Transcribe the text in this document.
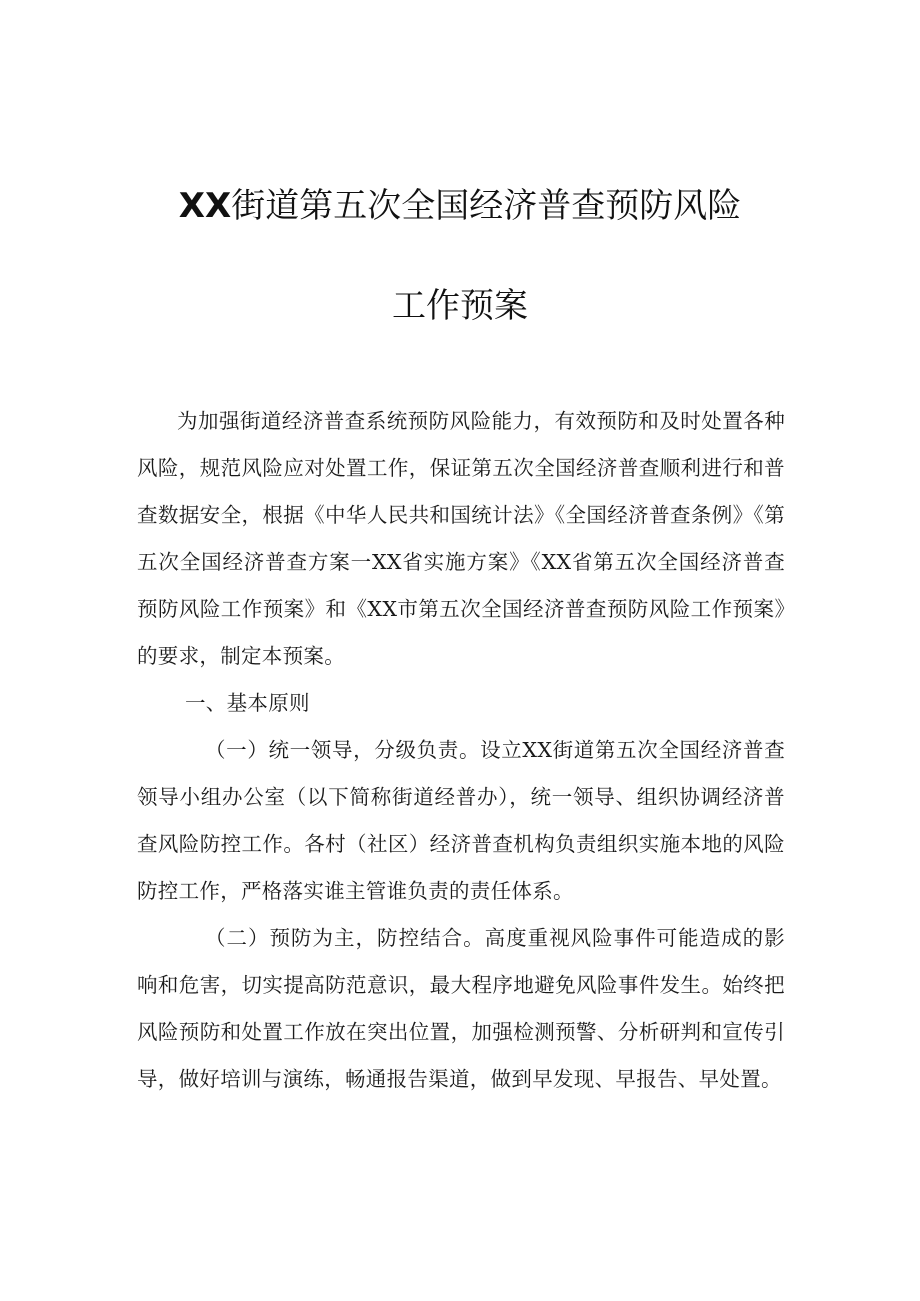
XX街道第五次全国经济普查预防风险
工作预案
为加强街道经济普查系统预防风险能力，有效预防和及时处置各种风险，规范风险应对处置工作，保证第五次全国经济普查顺利进行和普查数据安全，根据《中华人民共和国统计法》《全国经济普查条例》《第五次全国经济普查方案一XX省实施方案》《XX省第五次全国经济普查预防风险工作预案》和《XX市第五次全国经济普查预防风险工作预案》的要求，制定本预案。
一、基本原则
（一）统一领导，分级负责。设立XX街道第五次全国经济普查领导小组办公室（以下简称街道经普办），统一领导、组织协调经济普查风险防控工作。各村（社区）经济普查机构负责组织实施本地的风险防控工作，严格落实谁主管谁负责的责任体系。
（二）预防为主，防控结合。高度重视风险事件可能造成的影响和危害，切实提高防范意识，最大程序地避免风险事件发生。始终把风险预防和处置工作放在突出位置，加强检测预警、分析研判和宣传引导，做好培训与演练，畅通报告渠道，做到早发现、早报告、早处置。
